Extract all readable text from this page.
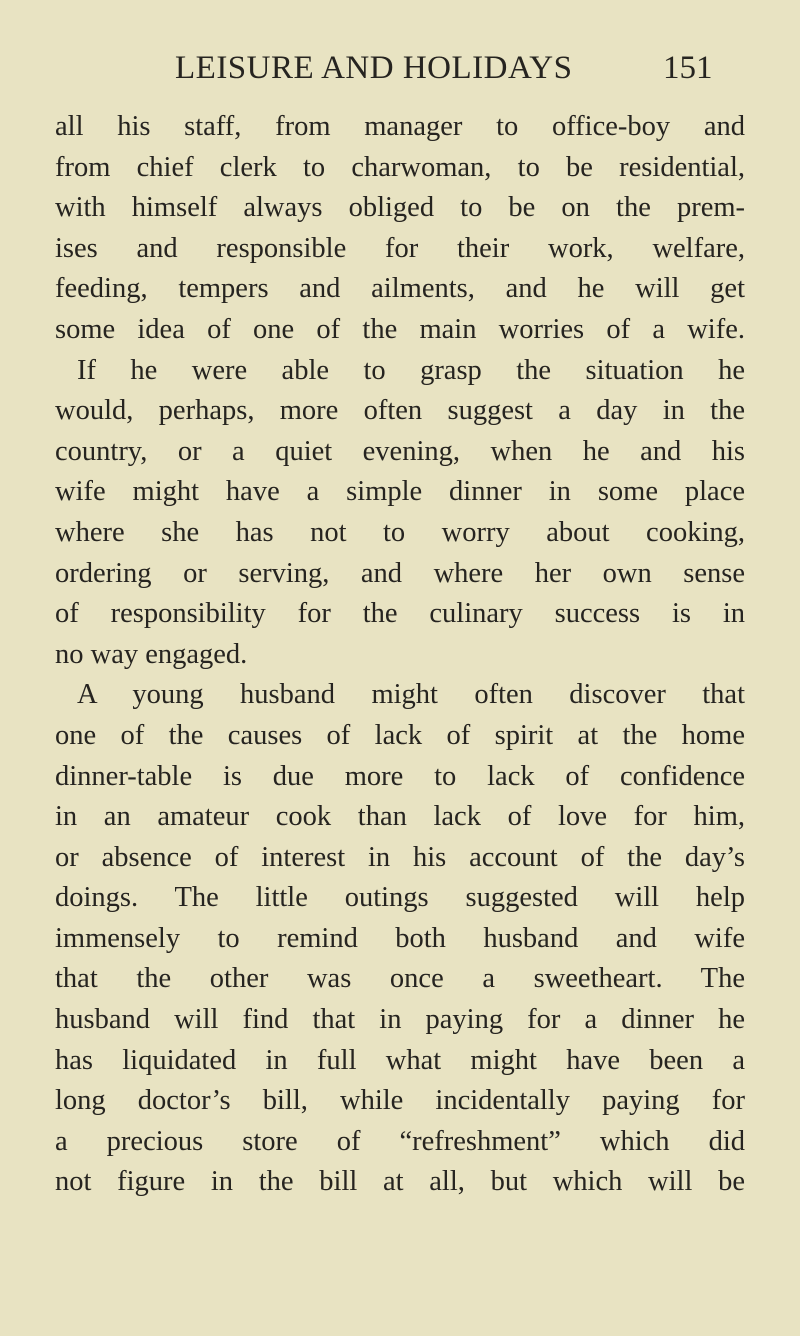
LEISURE AND HOLIDAYS	151
all his staff, from manager to office-boy and
from chief clerk to charwoman, to be residential,
with himself always obliged to be on the prem-
ises and responsible for their work, welfare,
feeding, tempers and ailments, and he will get
some idea of one of the main worries of a wife.
If he were able to grasp the situation he
would, perhaps, more often suggest a day in the
country, or a quiet evening, when he and his
wife might have a simple dinner in some place
where she has not to worry about cooking,
ordering or serving, and where her own sense
of responsibility for the culinary success is in
no way engaged.
A young husband might often discover that
one of the causes of lack of spirit at the home
dinner-table is due more to lack of confidence
in an amateur cook than lack of love for him,
or absence of interest in his account of the day’s
doings. The little outings suggested will help
immensely to remind both husband and wife
that the other was once a sweetheart. The
husband will find that in paying for a dinner he
has liquidated in full what might have been a
long doctor’s bill, while incidentally paying for
a precious store of “refreshment” which did
not figure in the bill at all, but which will be
